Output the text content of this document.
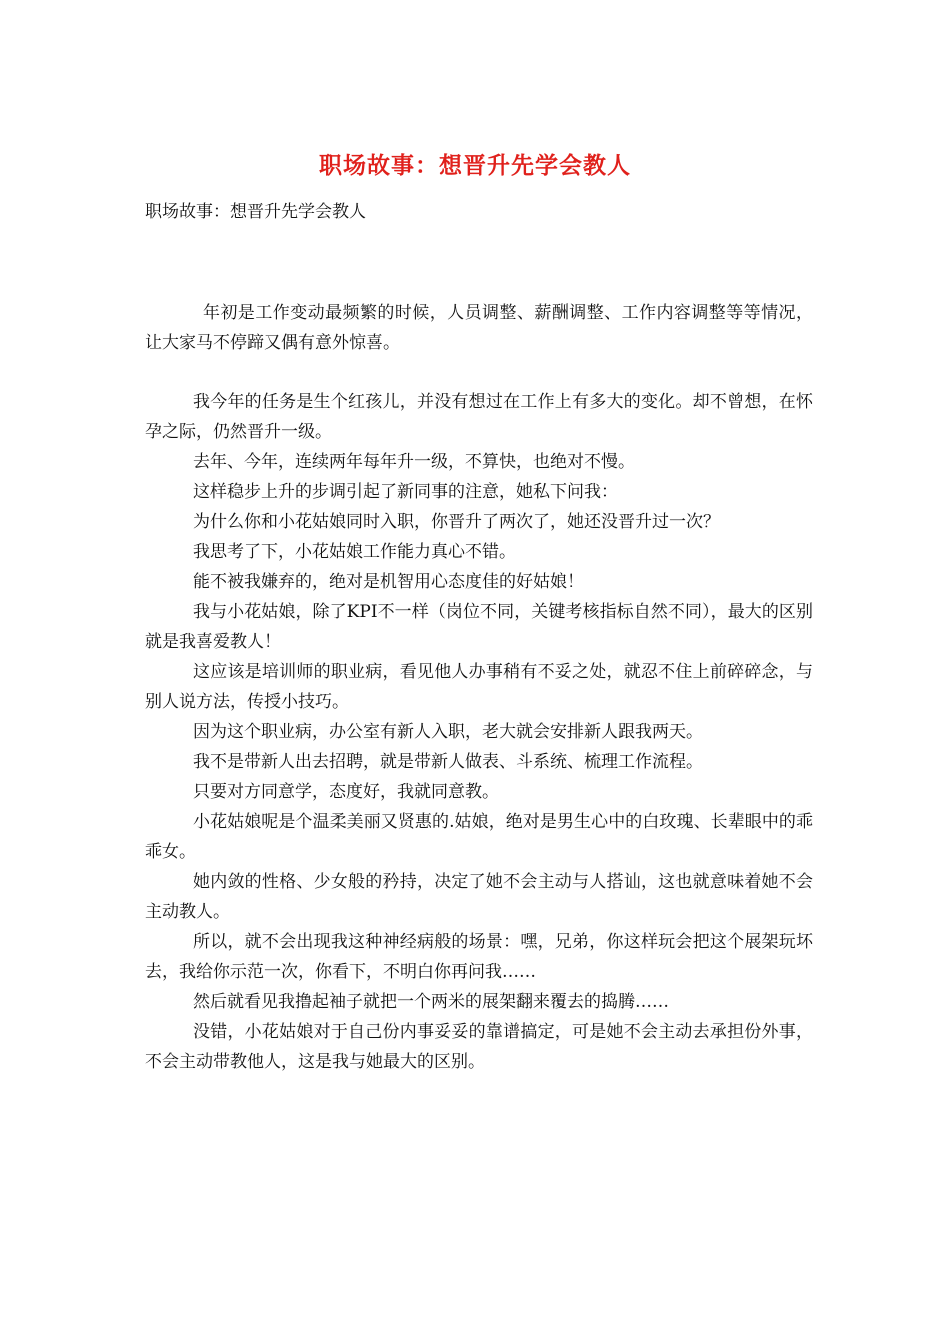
职场故事：想晋升先学会教人
职场故事：想晋升先学会教人

年初是工作变动最频繁的时候，人员调整、薪酬调整、工作内容调整等等情况，让大家马不停蹄又偶有意外惊喜。

我今年的任务是生个红孩儿，并没有想过在工作上有多大的变化。却不曾想，在怀孕之际，仍然晋升一级。

去年、今年，连续两年每年升一级，不算快，也绝对不慢。

这样稳步上升的步调引起了新同事的注意，她私下问我：

为什么你和小花姑娘同时入职，你晋升了两次了，她还没晋升过一次？

我思考了下，小花姑娘工作能力真心不错。

能不被我嫌弃的，绝对是机智用心态度佳的好姑娘！

我与小花姑娘，除了KPI不一样（岗位不同，关键考核指标自然不同），最大的区别就是我喜爱教人！

这应该是培训师的职业病，看见他人办事稍有不妥之处，就忍不住上前碎碎念，与别人说方法，传授小技巧。

因为这个职业病，办公室有新人入职，老大就会安排新人跟我两天。

我不是带新人出去招聘，就是带新人做表、斗系统、梳理工作流程。

只要对方同意学，态度好，我就同意教。

小花姑娘呢是个温柔美丽又贤惠的.姑娘，绝对是男生心中的白玫瑰、长辈眼中的乖乖女。

她内敛的性格、少女般的矜持，决定了她不会主动与人搭讪，这也就意味着她不会主动教人。

所以，就不会出现我这种神经病般的场景：嘿，兄弟，你这样玩会把这个展架玩坏去，我给你示范一次，你看下，不明白你再问我……

然后就看见我撸起袖子就把一个两米的展架翻来覆去的捣腾……

没错，小花姑娘对于自己份内事妥妥的靠谱搞定，可是她不会主动去承担份外事，不会主动带教他人，这是我与她最大的区别。
